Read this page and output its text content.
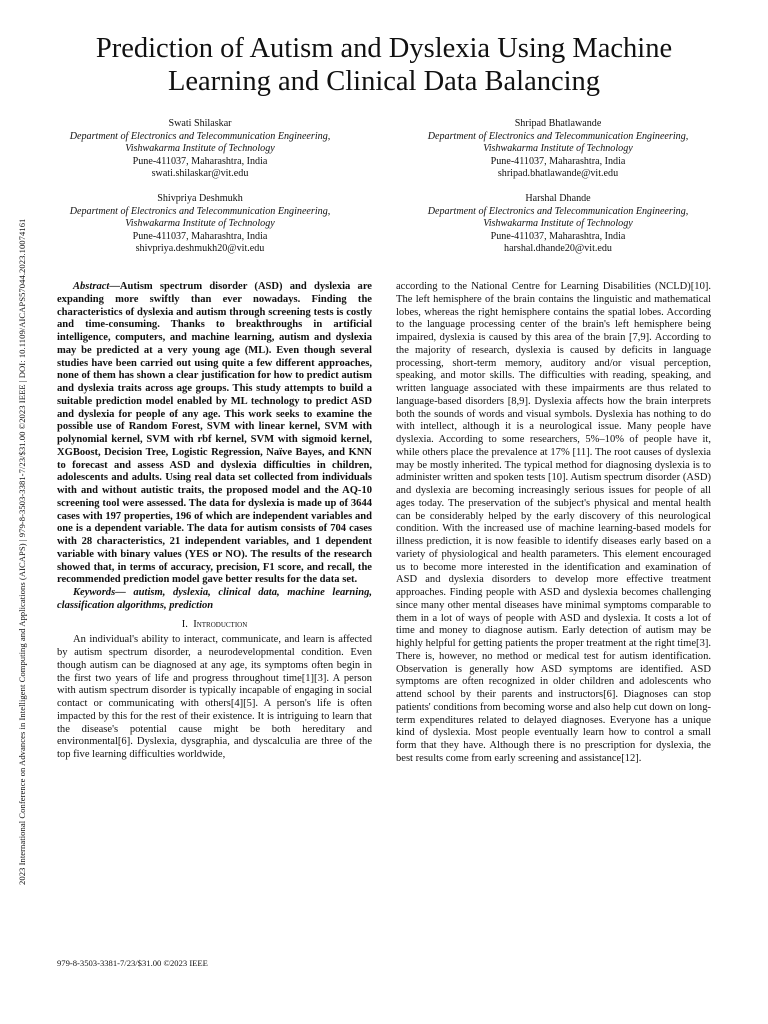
2023 International Conference on Advances in Intelligent Computing and Applications (AICAPS) | 979-8-3503-3381-7/23/$31.00 ©2023 IEEE | DOI: 10.1109/AICAPS57044.2023.10074161
Prediction of Autism and Dyslexia Using Machine Learning and Clinical Data Balancing
Swati Shilaskar
Department of Electronics and Telecommunication Engineering,
Vishwakarma Institute of Technology
Pune-411037, Maharashtra, India
swati.shilaskar@vit.edu
Shripad Bhatlawande
Department of Electronics and Telecommunication Engineering,
Vishwakarma Institute of Technology
Pune-411037, Maharashtra, India
shripad.bhatlawande@vit.edu
Shivpriya Deshmukh
Department of Electronics and Telecommunication Engineering,
Vishwakarma Institute of Technology
Pune-411037, Maharashtra, India
shivpriya.deshmukh20@vit.edu
Harshal Dhande
Department of Electronics and Telecommunication Engineering,
Vishwakarma Institute of Technology
Pune-411037, Maharashtra, India
harshal.dhande20@vit.edu

Abstract—Autism spectrum disorder (ASD) and dyslexia are expanding more swiftly than ever nowadays. Finding the characteristics of dyslexia and autism through screening tests is costly and time-consuming. Thanks to breakthroughs in artificial intelligence, computers, and machine learning, autism and dyslexia may be predicted at a very young age (ML). Even though several studies have been carried out using quite a few different approaches, none of them has shown a clear justification for how to predict autism and dyslexia traits across age groups. This study attempts to build a suitable prediction model enabled by ML technology to predict ASD and dyslexia for people of any age. This work seeks to examine the possible use of Random Forest, SVM with linear kernel, SVM with polynomial kernel, SVM with rbf kernel, SVM with sigmoid kernel, XGBoost, Decision Tree, Logistic Regression, Naïve Bayes, and KNN to forecast and assess ASD and dyslexia difficulties in children, adolescents and adults. Using real data set collected from individuals with and without autistic traits, the proposed model and the AQ-10 screening tool were assessed. The data for dyslexia is made up of 3644 cases with 197 properties, 196 of which are independent variables and one is a dependent variable. The data for autism consists of 704 cases with 28 characteristics, 21 independent variables, and 1 dependent variable with binary values (YES or NO). The results of the research showed that, in terms of accuracy, precision, F1 score, and recall, the recommended prediction model gave better results for the data set.

Keywords— autism, dyslexia, clinical data, machine learning, classification algorithms, prediction

I. Introduction

An individual's ability to interact, communicate, and learn is affected by autism spectrum disorder, a neurodevelopmental condition. Even though autism can be diagnosed at any age, its symptoms often begin in the first two years of life and progress throughout time[1][3]. A person with autism spectrum disorder is typically incapable of engaging in social contact or communicating with others[4][5]. A person's life is often impacted by this for the rest of their existence. It is intriguing to learn that the disease's potential cause might be both hereditary and environmental[6]. Dyslexia, dysgraphia, and dyscalculia are three of the top five learning difficulties worldwide,

according to the National Centre for Learning Disabilities (NCLD)[10]. The left hemisphere of the brain contains the linguistic and mathematical lobes, whereas the right hemisphere contains the spatial lobes. According to the language processing center of the brain's left hemisphere being impaired, dyslexia is caused by this area of the brain [7,9]. According to the majority of research, dyslexia is caused by deficits in language processing, short-term memory, auditory and/or visual perception, speaking, and motor skills. The difficulties with reading, speaking, and written language associated with these impairments are thus related to language-based disorders [8,9]. Dyslexia affects how the brain interprets both the sounds of words and visual symbols. Dyslexia has nothing to do with intellect, although it is a neurological issue. Many people have dyslexia. According to some researchers, 5%–10% of people have it, while others place the prevalence at 17% [11]. The root causes of dyslexia may be mostly inherited. The typical method for diagnosing dyslexia is to administer written and spoken tests [10]. Autism spectrum disorder (ASD) and dyslexia are becoming increasingly serious issues for people of all ages today. The preservation of the subject's physical and mental health can be considerably helped by the early discovery of this neurological condition. With the increased use of machine learning-based models for illness prediction, it is now feasible to identify diseases early based on a variety of physiological and health parameters. This element encouraged us to become more interested in the identification and examination of ASD and dyslexia disorders to develop more effective treatment approaches. Finding people with ASD and dyslexia becomes challenging since many other mental diseases have minimal symptoms comparable to them in a lot of ways of people with ASD and dyslexia. It costs a lot of time and money to diagnose autism. Early detection of autism may be highly helpful for getting patients the proper treatment at the right time[3]. There is, however, no method or medical test for autism identification. Observation is generally how ASD symptoms are identified. ASD symptoms are often recognized in older children and adolescents who attend school by their parents and instructors[6]. Diagnoses can stop patients' conditions from becoming worse and also help cut down on long-term expenditures related to delayed diagnoses. Everyone has a unique kind of dyslexia. Most people eventually learn how to control a small form that they have. Although there is no prescription for dyslexia, the best results come from early screening and assistance[12].

979-8-3503-3381-7/23/$31.00 ©2023 IEEE
